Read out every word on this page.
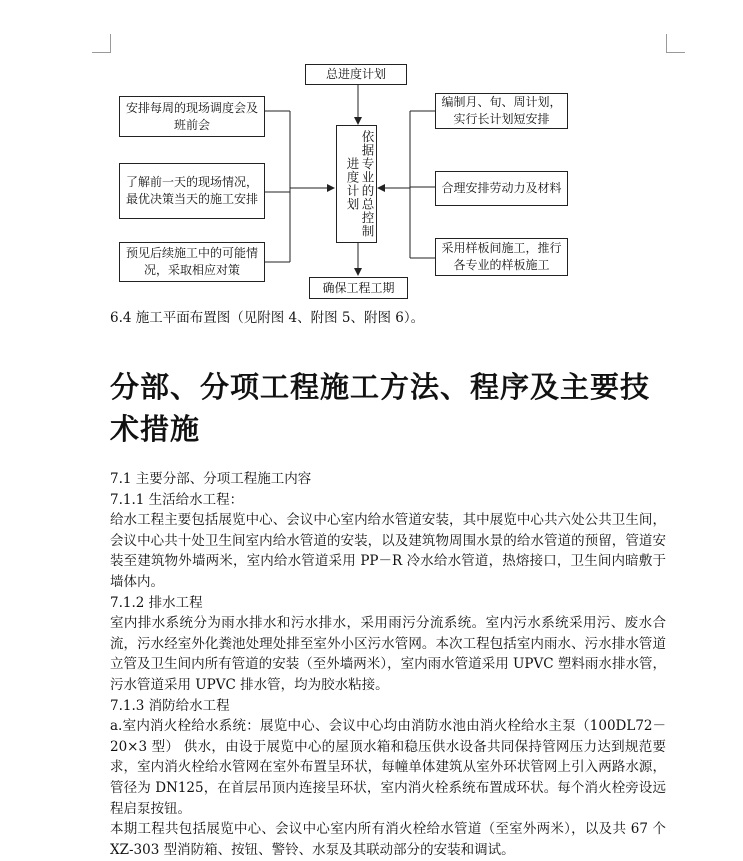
总进度计划
依据专业的总控制进度计划
确保工程工期
安排每周的现场调度会及班前会
了解前一天的现场情况，最优决策当天的施工安排
预见后续施工中的可能情况，采取相应对策
编制月、旬、周计划，实行长计划短安排
合理安排劳动力及材料
采用样板间施工，推行各专业的样板施工
6.4 施工平面布置图（见附图 4、附图 5、附图 6）。
分部、分项工程施工方法、程序及主要技术措施

7.1 主要分部、分项工程施工内容

7.1.1 生活给水工程：

给水工程主要包括展览中心、会议中心室内给水管道安装，其中展览中心共六处公共卫生间，会议中心共十处卫生间室内给水管道的安装，以及建筑物周围水景的给水管道的预留，管道安装至建筑物外墙两米，室内给水管道采用 PP－R 冷水给水管道，热熔接口，卫生间内暗敷于墙体内。

7.1.2 排水工程

室内排水系统分为雨水排水和污水排水，采用雨污分流系统。室内污水系统采用污、废水合流，污水经室外化粪池处理处排至室外小区污水管网。本次工程包括室内雨水、污水排水管道立管及卫生间内所有管道的安装（至外墙两米），室内雨水管道采用 UPVC 塑料雨水排水管，污水管道采用 UPVC 排水管，均为胶水粘接。

7.1.3 消防给水工程

a.室内消火栓给水系统：展览中心、会议中心均由消防水池由消火栓给水主泵（100DL72－20×3 型） 供水，由设于展览中心的屋顶水箱和稳压供水设备共同保持管网压力达到规范要求，室内消火栓给水管网在室外布置呈环状，每幢单体建筑从室外环状管网上引入两路水源，管径为 DN125，在首层吊顶内连接呈环状，室内消火栓系统布置成环状。每个消火栓旁设远程启泵按钮。

本期工程共包括展览中心、会议中心室内所有消火栓给水管道（至室外两米），以及共 67 个 XZ-303 型消防箱、按钮、警铃、水泵及其联动部分的安装和调试。
